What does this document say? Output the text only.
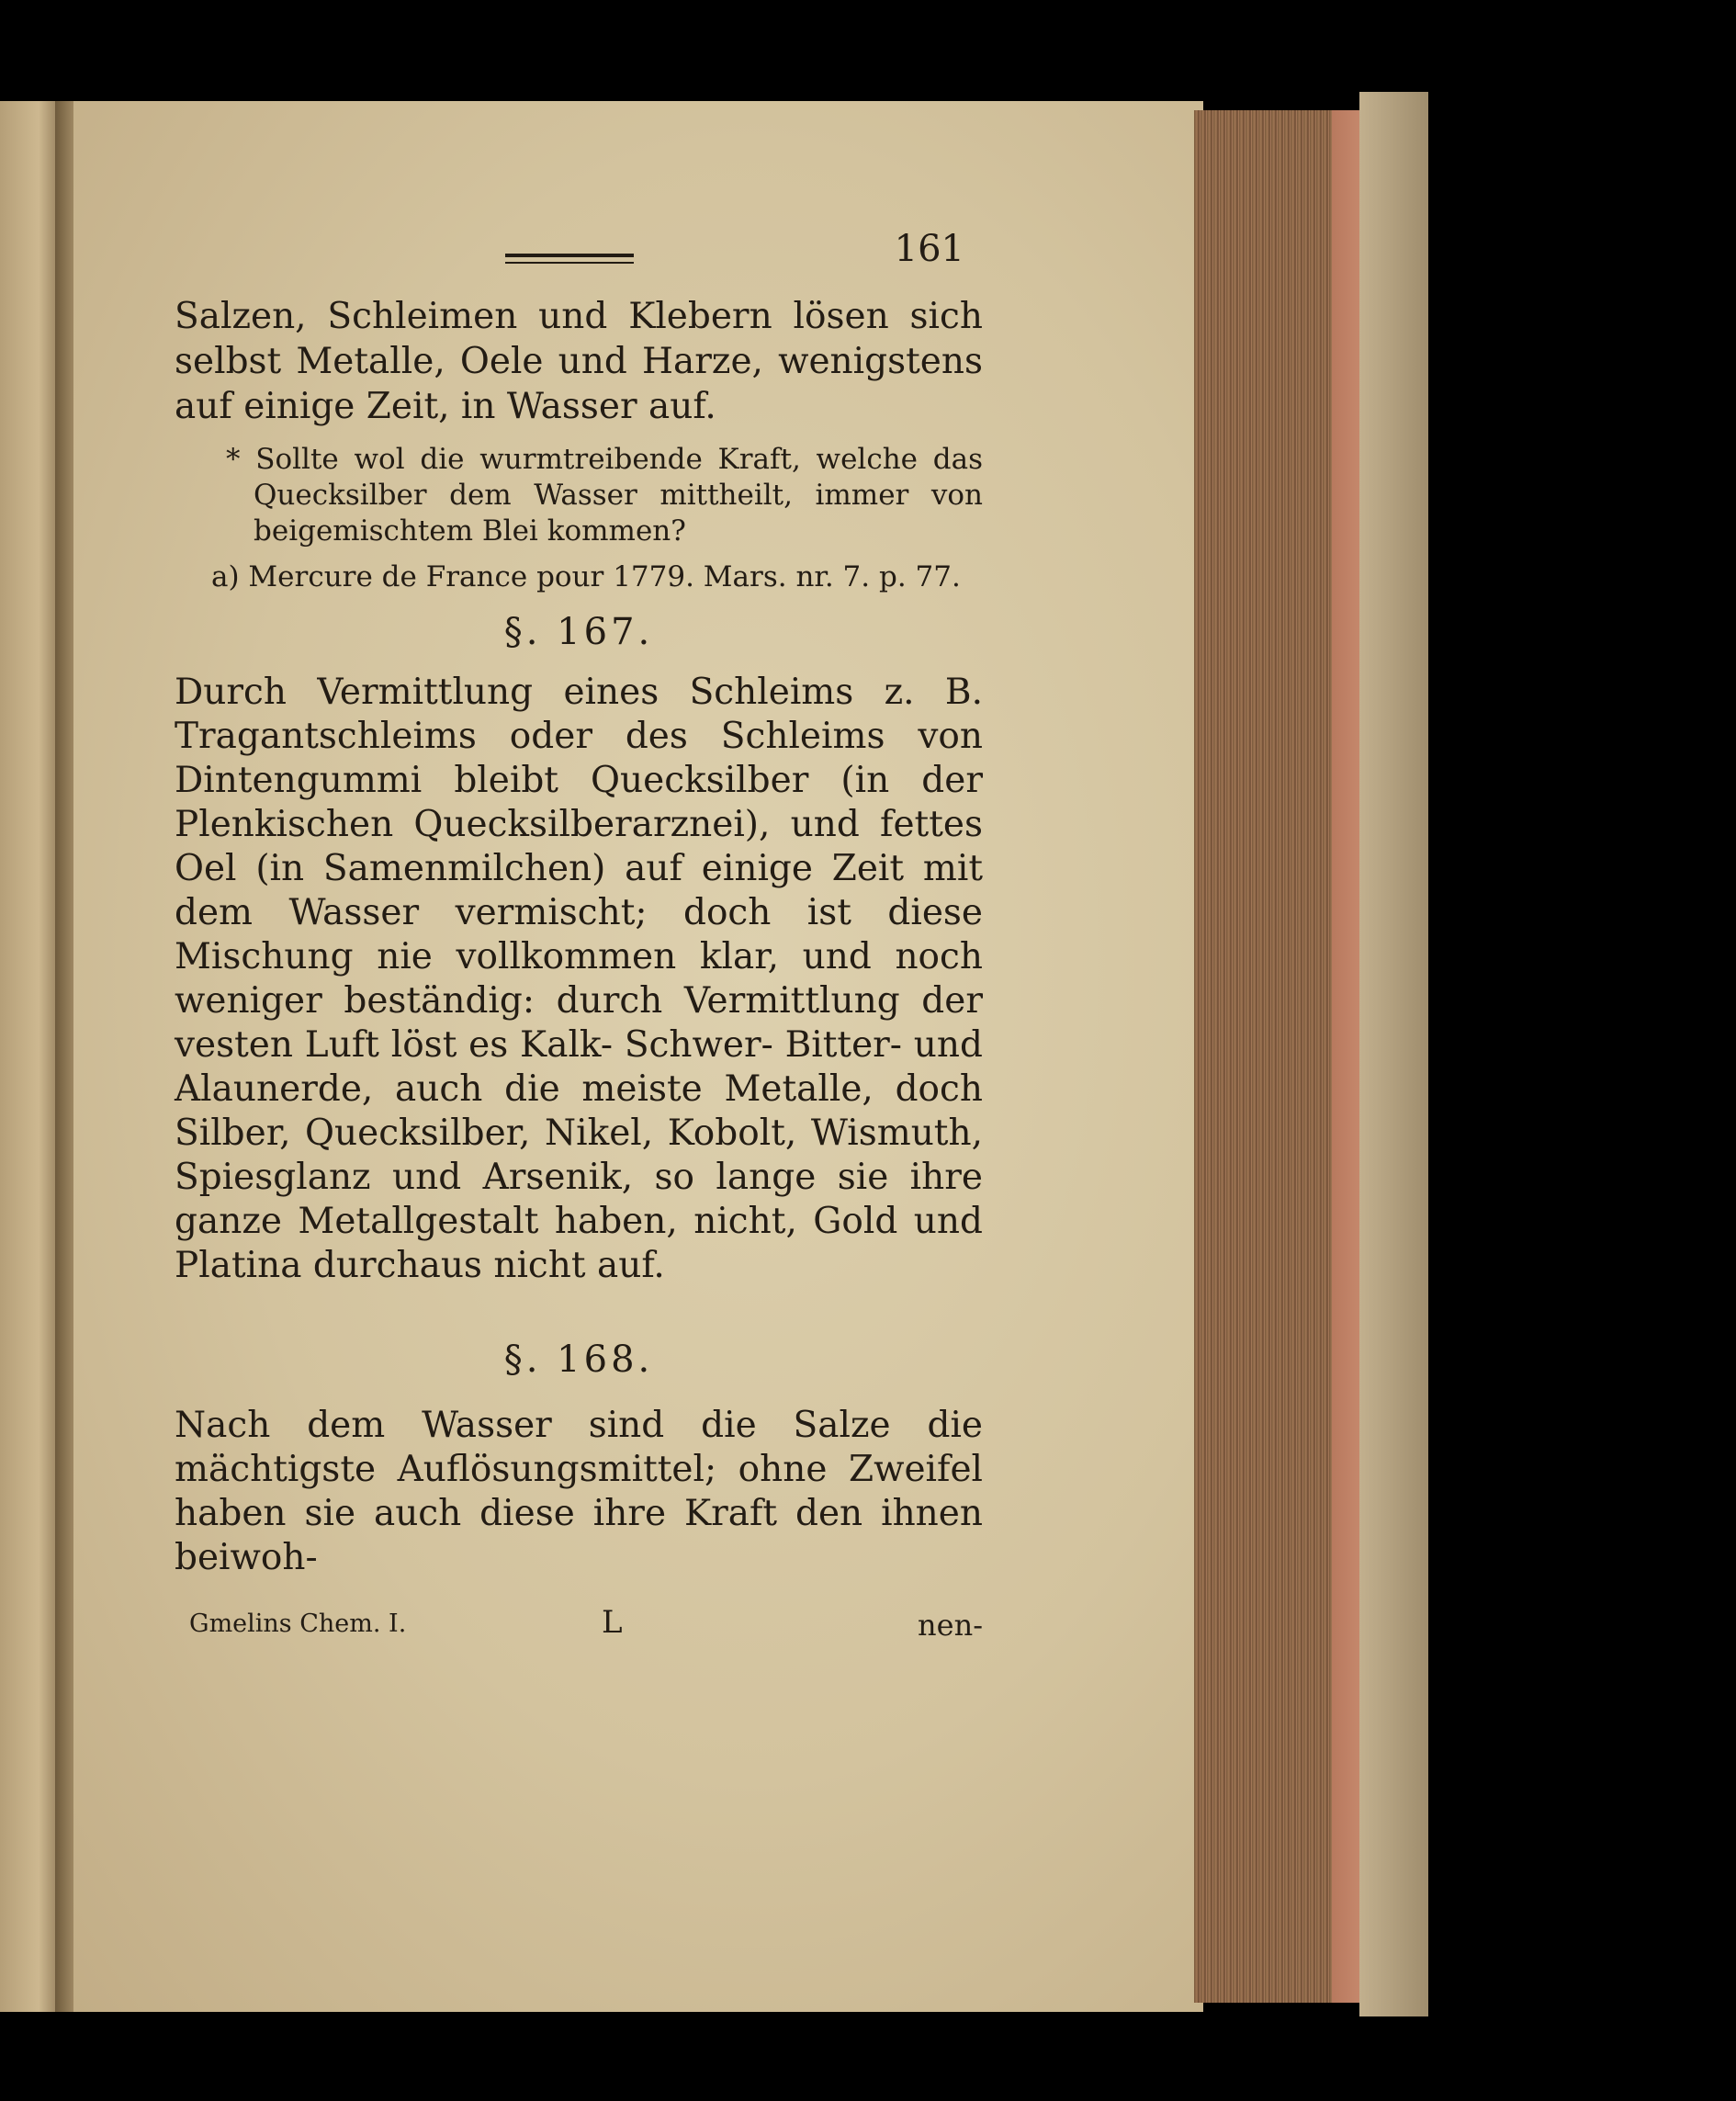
161

Salzen, Schleimen und Klebern lösen sich selbst Metalle, Oele und Harze, wenigstens auf einige Zeit, in Wasser auf.

* Sollte wol die wurmtreibende Kraft, welche das Quecksilber dem Wasser mittheilt, immer von beigemischtem Blei kommen?

a) Mercure de France pour 1779. Mars. nr. 7. p. 77.

§. 167.

Durch Vermittlung eines Schleims z. B. Tragantschleims oder des Schleims von Dintengummi bleibt Quecksilber (in der Plenkischen Quecksilberarznei), und fettes Oel (in Samenmilchen) auf einige Zeit mit dem Wasser vermischt; doch ist diese Mischung nie vollkommen klar, und noch weniger beständig: durch Vermittlung der vesten Luft löst es Kalk- Schwer- Bitter- und Alaunerde, auch die meiste Metalle, doch Silber, Quecksilber, Nikel, Kobolt, Wismuth, Spiesglanz und Arsenik, so lange sie ihre ganze Metallgestalt haben, nicht, Gold und Platina durchaus nicht auf.

§. 168.

Nach dem Wasser sind die Salze die mächtigste Auflösungsmittel; ohne Zweifel haben sie auch diese ihre Kraft den ihnen beiwoh-

Gmelins Chem. I.	L	nen-
